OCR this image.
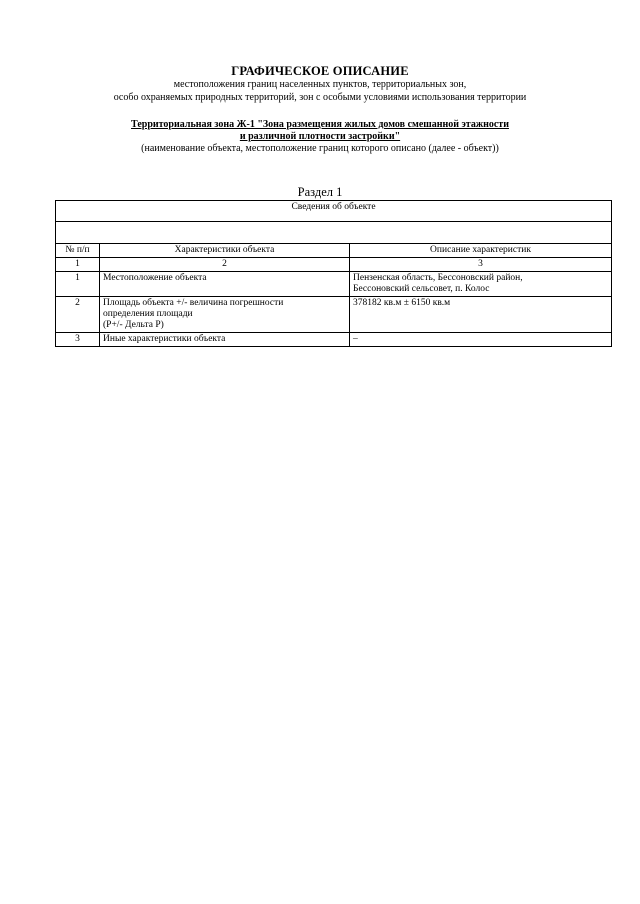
ГРАФИЧЕСКОЕ ОПИСАНИЕ
местоположения границ населенных пунктов, территориальных зон,
особо охраняемых природных территорий, зон с особыми условиями использования территории
Территориальная зона Ж-1 "Зона размещения жилых домов смешанной этажности
и различной плотности застройки"
(наименование объекта, местоположение границ которого описано (далее - объект))
Раздел 1
Сведения об объекте		

№ п/п	Характеристики объекта	Описание характеристик
1	2	3
1	Местоположение объекта	Пензенская область, Бессоновский район,
Бессоновский сельсовет, п. Колос

2	Площадь объекта +/- величина погрешности
определения площади
(Р+/- Дельта Р)	378182 кв.м ± 6150 кв.м

3	Иные характеристики объекта	–
